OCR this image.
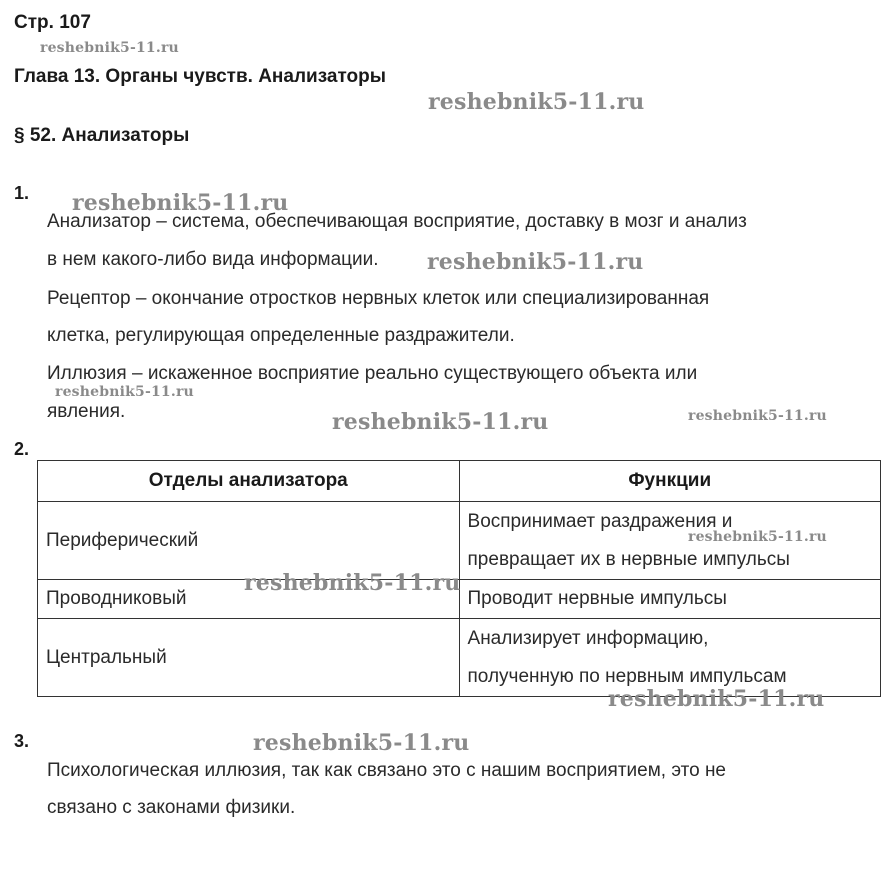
Стр. 107
Глава 13. Органы чувств. Анализаторы
§ 52. Анализаторы
1.
Анализатор – система, обеспечивающая восприятие, доставку в мозг и анализ
в нем какого-либо вида информации.
Рецептор – окончание отростков нервных клеток или специализированная
клетка, регулирующая определенные раздражители.
Иллюзия – искаженное восприятие реально существующего объекта или
явления.
2.
Отделы анализатора	Функции
Периферический	Воспринимает раздражения и
превращает их в нервные импульсы
Проводниковый	Проводит нервные импульсы
Центральный	Анализирует информацию,
полученную по нервным импульсам
3.
Психологическая иллюзия, так как связано это с нашим восприятием, это не
связано с законами физики.
reshebnik5-11.ru
reshebnik5-11.ru
reshebnik5-11.ru
reshebnik5-11.ru
reshebnik5-11.ru
reshebnik5-11.ru	reshebnik5-11.ru
reshebnik5-11.ru
reshebnik5-11.ru
reshebnik5-11.ru
reshebnik5-11.ru
